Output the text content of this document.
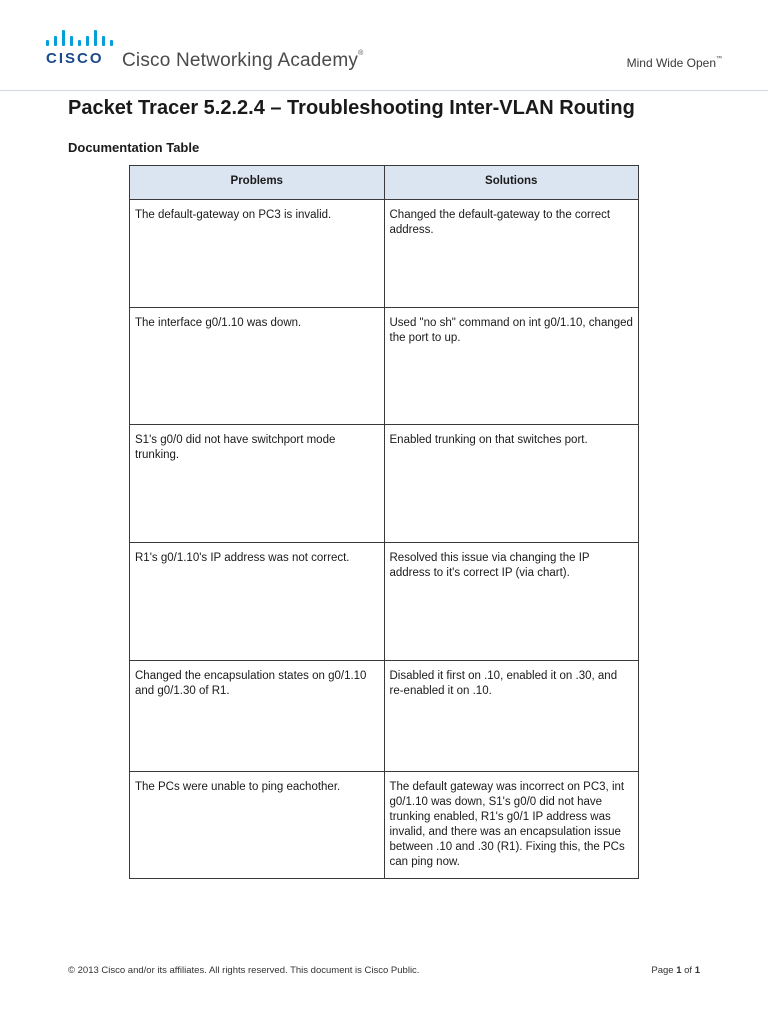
CISCO Cisco Networking Academy®
Mind Wide Open™
Packet Tracer 5.2.2.4 – Troubleshooting Inter-VLAN Routing
Documentation Table
Problems	Solutions
The default-gateway on PC3 is invalid.	Changed the default-gateway to the correct address.
The interface g0/1.10 was down.	Used "no sh" command on int g0/1.10, changed the port to up.
S1's g0/0 did not have switchport mode trunking.	Enabled trunking on that switches port.
R1's g0/1.10's IP address was not correct.	Resolved this issue via changing the IP address to it's correct IP (via chart).
Changed the encapsulation states on g0/1.10 and g0/1.30 of R1.	Disabled it first on .10, enabled it on .30, and re-enabled it on .10.
The PCs were unable to ping eachother.	The default gateway was incorrect on PC3, int g0/1.10 was down, S1's g0/0 did not have trunking enabled, R1's g0/1 IP address was invalid, and there was an encapsulation issue between .10 and .30 (R1). Fixing this, the PCs can ping now.
© 2013 Cisco and/or its affiliates. All rights reserved. This document is Cisco Public.	Page 1 of 1
